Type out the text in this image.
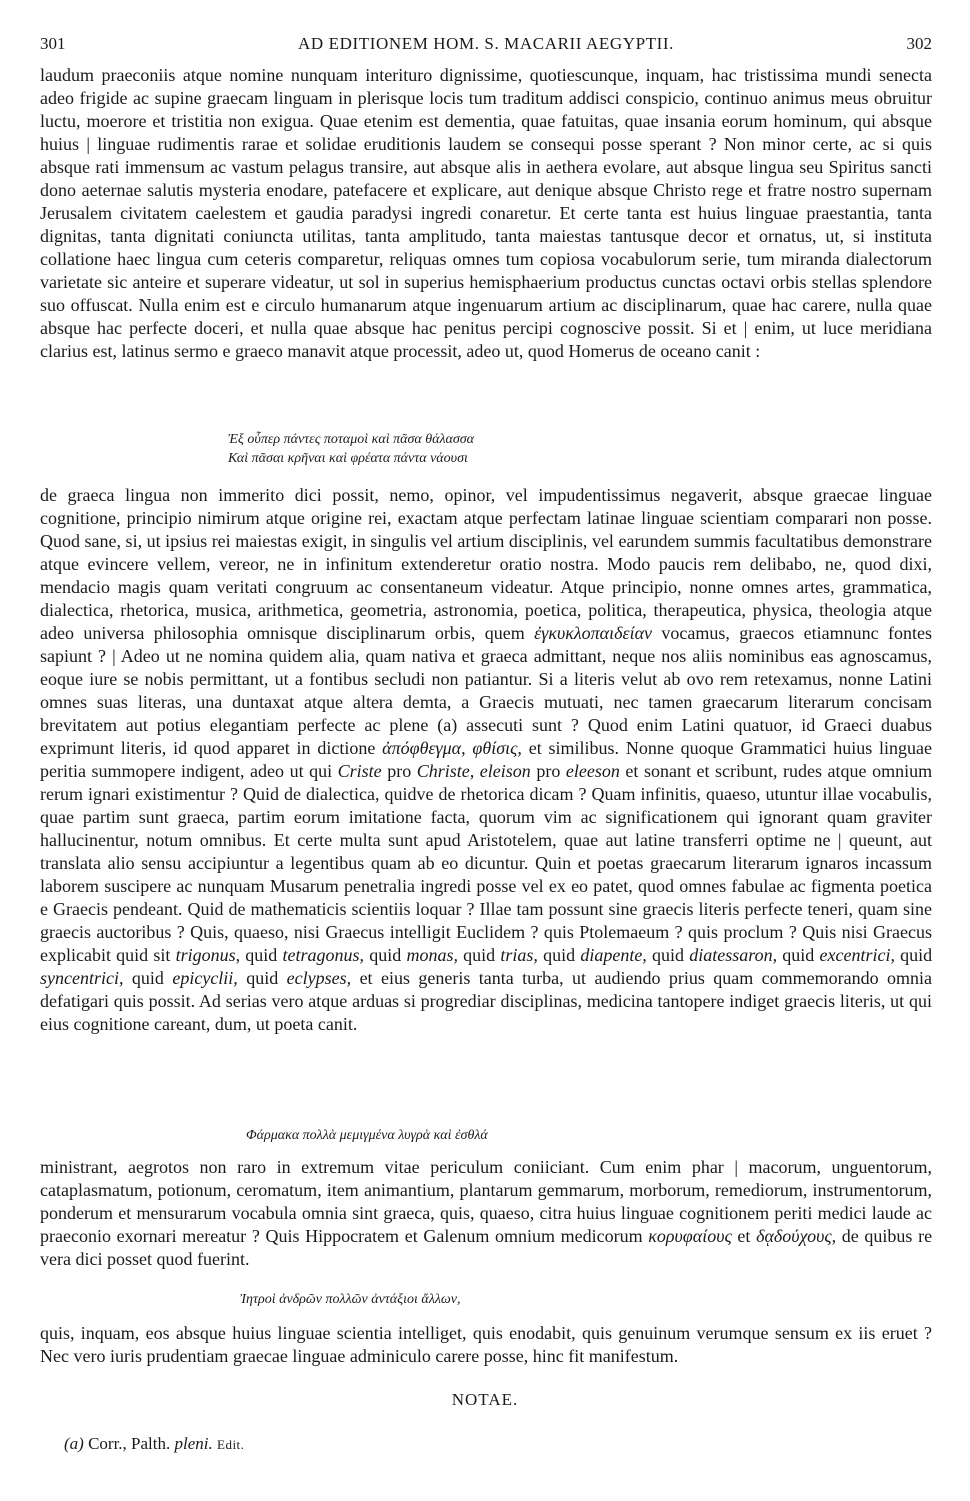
301	AD EDITIONEM HOM. S. MACARII AEGYPTII.	302

laudum praeconiis atque nomine nunquam interituro dignissime, quotiescunque, inquam, hac tristissima mundi senecta adeo frigide ac supine graecam linguam in plerisque locis tum traditum addisci conspicio, continuo animus meus obruitur luctu, moerore et tristitia non exigua. Quae etenim est dementia, quae fatuitas, quae insania eorum hominum, qui absque huius | linguae rudimentis rarae et solidae eruditionis laudem se consequi posse sperant ? Non minor certe, ac si quis absque rati immensum ac vastum pelagus transire, aut absque alis in aethera evolare, aut absque lingua seu Spiritus sancti dono aeternae salutis mysteria enodare, patefacere et explicare, aut denique absque Christo rege et fratre nostro supernam Jerusalem civitatem caelestem et gaudia paradysi ingredi conaretur. Et certe tanta est huius linguae praestantia, tanta dignitas, tanta dignitati coniuncta utilitas, tanta amplitudo, tanta maiestas tantusque decor et ornatus, ut, si instituta collatione haec lingua cum ceteris comparetur, reliquas omnes tum copiosa vocabulorum serie, tum miranda dialectorum varietate sic anteire et superare videatur, ut sol in superius hemisphaerium productus cunctas octavi orbis stellas splendore suo offuscat. Nulla enim est e circulo humanarum atque ingenuarum artium ac disciplinarum, quae hac carere, nulla quae absque hac perfecte doceri, et nulla quae absque hac penitus percipi cognoscive possit. Si et | enim, ut luce meridiana clarius est, latinus sermo e graeco manavit atque processit, adeo ut, quod Homerus de oceano canit :

Ἐξ οὗπερ πάντες ποταμοὶ καὶ πᾶσα θάλασσα
Καὶ πᾶσαι κρῆναι καὶ φρέατα πάντα νάουσι

de graeca lingua non immerito dici possit, nemo, opinor, vel impudentissimus negaverit, absque graecae linguae cognitione, principio nimirum atque origine rei, exactam atque perfectam latinae linguae scientiam comparari non posse. Quod sane, si, ut ipsius rei maiestas exigit, in singulis vel artium disciplinis, vel earundem summis facultatibus demonstrare atque evincere vellem, vereor, ne in infinitum extenderetur oratio nostra. Modo paucis rem delibabo, ne, quod dixi, mendacio magis quam veritati congruum ac consentaneum videatur. Atque principio, nonne omnes artes, grammatica, dialectica, rhetorica, musica, arithmetica, geometria, astronomia, poetica, politica, therapeutica, physica, theologia atque adeo universa philosophia omnisque disciplinarum orbis, quem ἐγκυκλοπαιδείαν vocamus, graecos etiamnunc fontes sapiunt ? | Adeo ut ne nomina quidem alia, quam nativa et graeca admittant, neque nos aliis nominibus eas agnoscamus, eoque iure se nobis permittant, ut a fontibus secludi non patiantur. Si a literis velut ab ovo rem retexamus, nonne Latini omnes suas literas, una duntaxat atque altera demta, a Graecis mutuati, nec tamen graecarum literarum concisam brevitatem aut potius elegantiam perfecte ac plene (a) assecuti sunt ? Quod enim Latini quatuor, id Graeci duabus exprimunt literis, id quod apparet in dictione ἀπόφθεγμα, φθίσις, et similibus. Nonne quoque Grammatici huius linguae peritia summopere indigent, adeo ut qui Criste pro Christe, eleison pro eleeson et sonant et scribunt, rudes atque omnium rerum ignari existimentur ? Quid de dialectica, quidve de rhetorica dicam ? Quam infinitis, quaeso, utuntur illae vocabulis, quae partim sunt graeca, partim eorum imitatione facta, quorum vim ac significationem qui ignorant quam graviter hallucinentur, notum omnibus. Et certe multa sunt apud Aristotelem, quae aut latine transferri optime ne | queunt, aut translata alio sensu accipiuntur a legentibus quam ab eo dicuntur. Quin et poetas graecarum literarum ignaros incassum laborem suscipere ac nunquam Musarum penetralia ingredi posse vel ex eo patet, quod omnes fabulae ac figmenta poetica e Graecis pendeant. Quid de mathematicis scientiis loquar ? Illae tam possunt sine graecis literis perfecte teneri, quam sine graecis auctoribus ? Quis, quaeso, nisi Graecus intelligit Euclidem ? quis Ptolemaeum ? quis proclum ? Quis nisi Graecus explicabit quid sit trigonus, quid tetragonus, quid monas, quid trias, quid diapente, quid diatessaron, quid excentrici, quid syncentrici, quid epicyclii, quid eclypses, et eius generis tanta turba, ut audiendo prius quam commemorando omnia defatigari quis possit. Ad serias vero atque arduas si progrediar disciplinas, medicina tantopere indiget graecis literis, ut qui eius cognitione careant, dum, ut poeta canit.

Φάρμακα πολλὰ μεμιγμένα λυγρὰ καὶ ἐσθλά

ministrant, aegrotos non raro in extremum vitae periculum coniiciant. Cum enim phar | macorum, unguentorum, cataplasmatum, potionum, ceromatum, item animantium, plantarum gemmarum, morborum, remediorum, instrumentorum, ponderum et mensurarum vocabula omnia sint graeca, quis, quaeso, citra huius linguae cognitionem periti medici laude ac praeconio exornari mereatur ? Quis Hippocratem et Galenum omnium medicorum κορυφαίους et δᾳδούχους, de quibus re vera dici posset quod fuerint.

Ἰητροὶ ἀνδρῶν πολλῶν ἀντάξιοι ἄλλων,

quis, inquam, eos absque huius linguae scientia intelliget, quis enodabit, quis genuinum verumque sensum ex iis eruet ? Nec vero iuris prudentiam graecae linguae adminiculo carere posse, hinc fit manifestum.

NOTAE.
(a) Corr., Palth. pleni. Edit.
